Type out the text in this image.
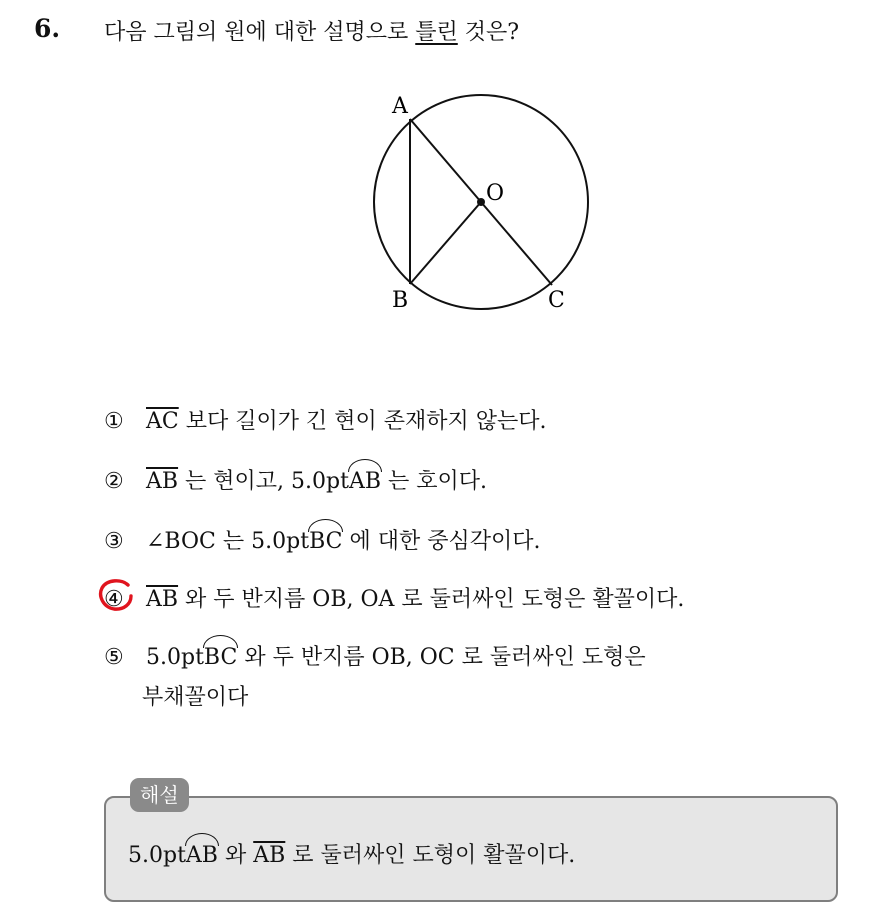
6. 다음 그림의 원에 대한 설명으로 틀린 것은?
A
O
B	C
① $\overline{AC}$ 보다 길이가 긴 현이 존재하지 않는다.
② $\overline{AB}$ 는 현이고, 5.0ptAB 는 호이다.
③ ∠BOC 는 5.0ptBC 에 대한 중심각이다.
④ $\overline{AB}$ 와 두 반지름 OB, OA 로 둘러싸인 도형은 활꼴이다.
⑤ 5.0ptBC 와 두 반지름 OB, OC 로 둘러싸인 도형은
부채꼴이다
5.0ptAB 와 $\overline{AB}$ 로 둘러싸인 도형이 활꼴이다.
해설
